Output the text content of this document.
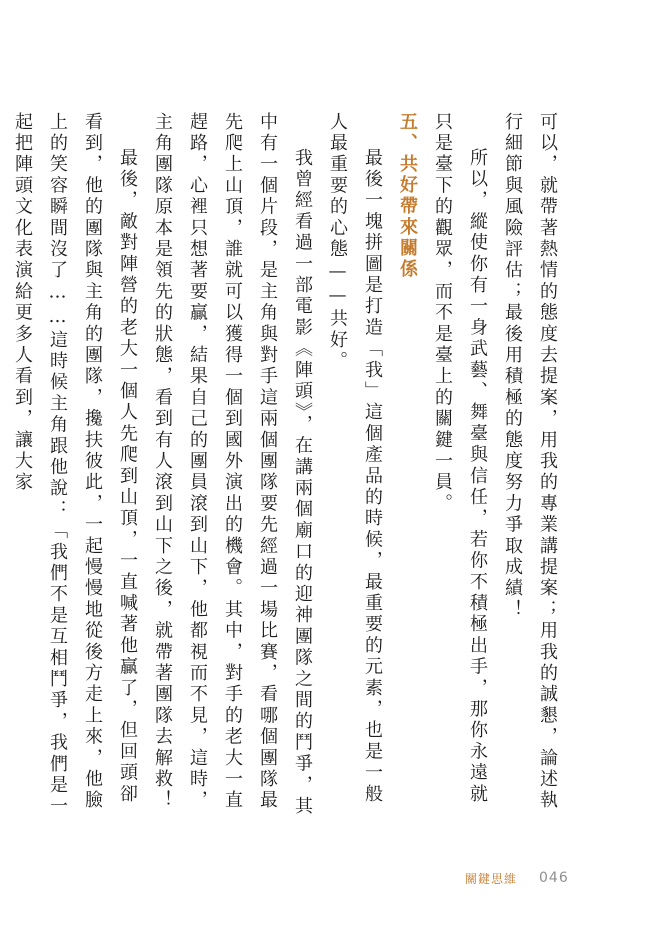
可以，就帶著熱情的態度去提案，用我的專業講提案；用我的誠懇，論述執行細節與風險評估；最後用積極的態度努力爭取成績！

所以，縱使你有一身武藝、舞臺與信任，若你不積極出手，那你永遠就只是臺下的觀眾，而不是臺上的關鍵一員。

五、共好帶來關係

最後一塊拼圖是打造「我」這個產品的時候，最重要的元素，也是一般人最重要的心態——共好。

我曾經看過一部電影《陣頭》，在講兩個廟口的迎神團隊之間的鬥爭，其中有一個片段，是主角與對手這兩個團隊要先經過一場比賽，看哪個團隊最先爬上山頂，誰就可以獲得一個到國外演出的機會。其中，對手的老大一直趕路，心裡只想著要贏，結果自己的團員滾到山下，他都視而不見，這時，主角團隊原本是領先的狀態，看到有人滾到山下之後，就帶著團隊去解救！

最後，敵對陣營的老大一個人先爬到山頂，一直喊著他贏了，但回頭卻看到，他的團隊與主角的團隊，攙扶彼此，一起慢慢地從後方走上來，他臉上的笑容瞬間沒了……這時候主角跟他說：「我們不是互相鬥爭，我們是一起把陣頭文化表演給更多人看到，讓大家

關鍵思維 046
